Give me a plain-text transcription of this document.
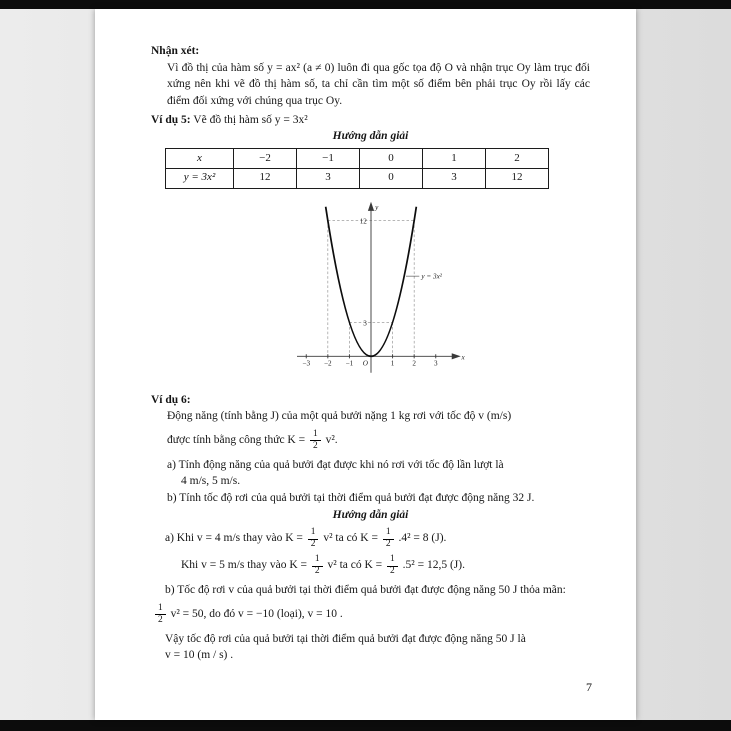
Nhận xét:
Vì đồ thị của hàm số y = ax² (a ≠ 0) luôn đi qua gốc tọa độ O và nhận trục Oy làm trục đối xứng nên khi vẽ đồ thị hàm số, ta chỉ cần tìm một số điểm bên phải trục Oy rồi lấy các điểm đối xứng với chúng qua trục Oy.
Ví dụ 5: Vẽ đồ thị hàm số y = 3x²
Hướng dẫn giải
x	−2	−1	0	1	2
y = 3x²	12	3	0	3	12
y = 3x²
y
x
O
12
3
−3 −2 −1	1	2	3
Ví dụ 6:
Động năng (tính bằng J) của một quả bưởi nặng 1 kg rơi với tốc độ v (m/s)
được tính bằng công thức $K = \frac{1}{2} v^2$.
a) Tính động năng của quả bưởi đạt được khi nó rơi với tốc độ lần lượt là
4 m/s, 5 m/s.
b) Tính tốc độ rơi của quả bưởi tại thời điểm quả bưởi đạt được động năng 32 J.
Hướng dẫn giải
a) Khi v = 4 m/s thay vào $K = \frac{1}{2} v^2$ ta có $K = \frac{1}{2} .4^2 = 8$ (J).
Khi v = 5 m/s thay vào $K = \frac{1}{2} v^2$ ta có $K = \frac{1}{2} .5^2 = 12,5$ (J).
b) Tốc độ rơi v của quả bưởi tại thời điểm quả bưởi đạt được động năng 50 J thỏa mãn:
$\frac{1}{2} v^2 = 50$, do đó v = −10 (loại), v = 10 .
Vậy tốc độ rơi của quả bưởi tại thời điểm quả bưởi đạt được động năng 50 J là
v = 10 (m / s) .
7
